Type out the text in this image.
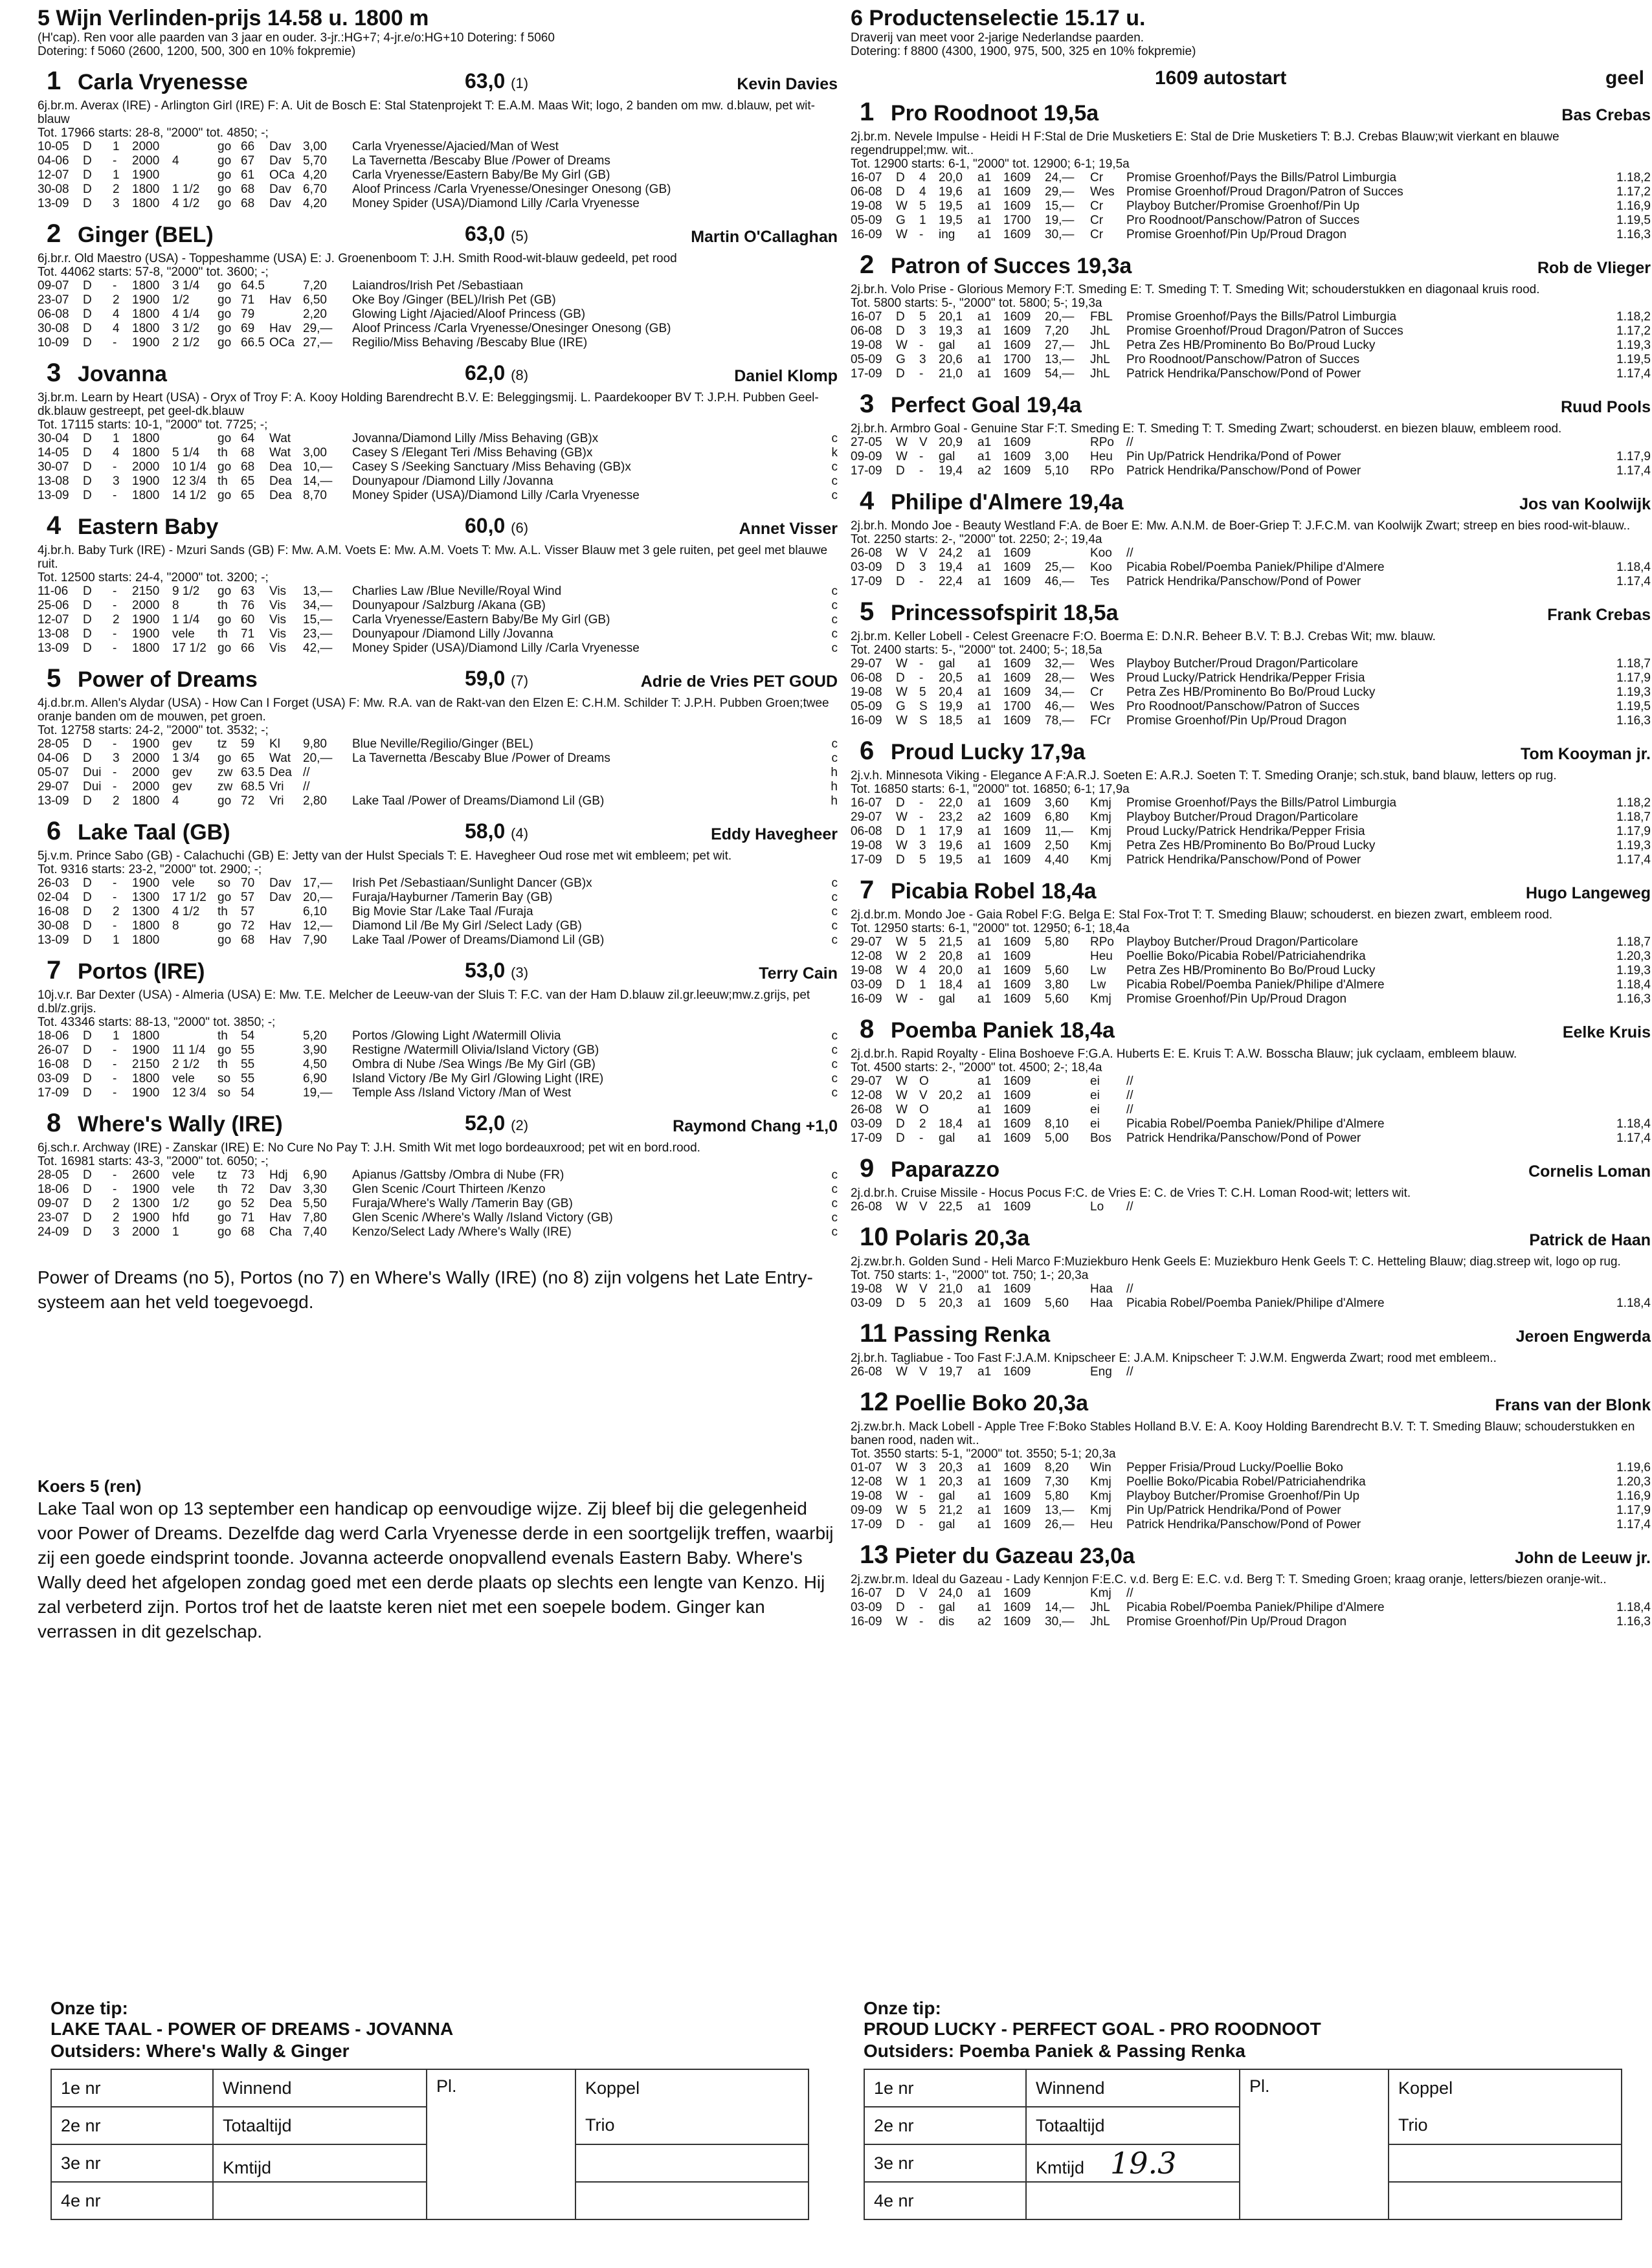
5 Wijn Verlinden-prijs 14.58 u. 1800 m
(H'cap). Ren voor alle paarden van 3 jaar en ouder. 3-jr.:HG+7; 4-jr.e/o:HG+10 Dotering: f 5060
Dotering: f 5060 (2600, 1200, 500, 300 en 10% fokpremie)
1 Carla Vryenesse	63,0 (1)	Kevin Davies
6j.br.m. Averax (IRE) - Arlington Girl (IRE) F: A. Uit de Bosch E: Stal Statenprojekt T: E.A.M. Maas Wit; logo, 2 banden om mw. d.blauw, pet wit-blauw
Tot. 17966 starts: 28-8, "2000" tot. 4850; -;
10-05	D	1	2000		go	66	Dav	3,00	Carla Vryenesse/Ajacied/Man of West	
04-06	D	-	2000	4	go	67	Dav	5,70	La Tavernetta /Bescaby Blue /Power of Dreams	
12-07	D	1	1900		go	61	OCa	4,20	Carla Vryenesse/Eastern Baby/Be My Girl (GB)	
30-08	D	2	1800	1 1/2	go	68	Dav	6,70	Aloof Princess /Carla Vryenesse/Onesinger Onesong (GB)	
13-09	D	3	1800	4 1/2	go	68	Dav	4,20	Money Spider (USA)/Diamond Lilly /Carla Vryenesse	
2 Ginger (BEL)	63,0 (5)	Martin O'Callaghan
6j.br.r. Old Maestro (USA) - Toppeshamme (USA) E: J. Groenenboom T: J.H. Smith Rood-wit-blauw gedeeld, pet rood
Tot. 44062 starts: 57-8, "2000" tot. 3600; -;
09-07	D	-	1800	3 1/4	go	64.5		7,20	Laiandros/Irish Pet /Sebastiaan	
23-07	D	2	1900	1/2	go	71	Hav	6,50	Oke Boy /Ginger (BEL)/Irish Pet (GB)	
06-08	D	4	1800	4 1/4	go	79		2,20	Glowing Light /Ajacied/Aloof Princess (GB)	
30-08	D	4	1800	3 1/2	go	69	Hav	29,—	Aloof Princess /Carla Vryenesse/Onesinger Onesong (GB)	
10-09	D	-	1900	2 1/2	go	66.5	OCa	27,—	Regilio/Miss Behaving /Bescaby Blue (IRE)	
3 Jovanna	62,0 (8)	Daniel Klomp
3j.br.m. Learn by Heart (USA) - Oryx of Troy F: A. Kooy Holding Barendrecht B.V. E: Beleggingsmij. L. Paardekooper BV T: J.P.H. Pubben Geel-dk.blauw gestreept, pet geel-dk.blauw
Tot. 17115 starts: 10-1, "2000" tot. 7725; -;
30-04	D	1	1800		go	64	Wat		Jovanna/Diamond Lilly /Miss Behaving (GB)x	c
14-05	D	4	1800	5 1/4	th	68	Wat	3,00	Casey S /Elegant Teri /Miss Behaving (GB)x	k
30-07	D	-	2000	10 1/4	go	68	Dea	10,—	Casey S /Seeking Sanctuary /Miss Behaving (GB)x	c
13-08	D	3	1900	12 3/4	th	65	Dea	14,—	Dounyapour /Diamond Lilly /Jovanna	c
13-09	D	-	1800	14 1/2	go	65	Dea	8,70	Money Spider (USA)/Diamond Lilly /Carla Vryenesse	c
4 Eastern Baby	60,0 (6)	Annet Visser
4j.br.h. Baby Turk (IRE) - Mzuri Sands (GB) F: Mw. A.M. Voets E: Mw. A.M. Voets T: Mw. A.L. Visser Blauw met 3 gele ruiten, pet geel met blauwe ruit.
Tot. 12500 starts: 24-4, "2000" tot. 3200; -;
11-06	D	-	2150	9 1/2	go	63	Vis	13,—	Charlies Law /Blue Neville/Royal Wind	c
25-06	D	-	2000	8	th	76	Vis	34,—	Dounyapour /Salzburg /Akana (GB)	c
12-07	D	2	1900	1 1/4	go	60	Vis	15,—	Carla Vryenesse/Eastern Baby/Be My Girl (GB)	c
13-08	D	-	1900	vele	th	71	Vis	23,—	Dounyapour /Diamond Lilly /Jovanna	c
13-09	D	-	1800	17 1/2	go	66	Vis	42,—	Money Spider (USA)/Diamond Lilly /Carla Vryenesse	c
5 Power of Dreams	59,0 (7)	Adrie de Vries PET GOUD
4j.d.br.m. Allen's Alydar (USA) - How Can I Forget (USA) F: Mw. R.A. van de Rakt-van den Elzen E: C.H.M. Schilder T: J.P.H. Pubben Groen;twee oranje banden om de mouwen, pet groen.
Tot. 12758 starts: 24-2, "2000" tot. 3532; -;
28-05	D	-	1900	gev	tz	59	Kl	9,80	Blue Neville/Regilio/Ginger (BEL)	c
04-06	D	3	2000	1 3/4	go	65	Wat	20,—	La Tavernetta /Bescaby Blue /Power of Dreams	c
05-07	Dui	-	2000	gev	zw	63.5	Dea	//		h
29-07	Dui	-	2000	gev	zw	68.5	Vri	//		h
13-09	D	2	1800	4	go	72	Vri	2,80	Lake Taal /Power of Dreams/Diamond Lil (GB)	h
6 Lake Taal (GB)	58,0 (4)	Eddy Havegheer
5j.v.m. Prince Sabo (GB) - Calachuchi (GB) E: Jetty van der Hulst Specials T: E. Havegheer Oud rose met wit embleem; pet wit.
Tot. 9316 starts: 23-2, "2000" tot. 2900; -;
26-03	D	-	1900	vele	so	70	Dav	17,—	Irish Pet /Sebastiaan/Sunlight Dancer (GB)x	c
02-04	D	-	1300	17 1/2	go	57	Dav	20,—	Furaja/Hayburner /Tamerin Bay (GB)	c
16-08	D	2	1300	4 1/2	th	57		6,10	Big Movie Star /Lake Taal /Furaja	c
30-08	D	-	1800	8	go	72	Hav	12,—	Diamond Lil /Be My Girl /Select Lady (GB)	c
13-09	D	1	1800		go	68	Hav	7,90	Lake Taal /Power of Dreams/Diamond Lil (GB)	c
7 Portos (IRE)	53,0 (3)	Terry Cain
10j.v.r. Bar Dexter (USA) - Almeria (USA) E: Mw. T.E. Melcher de Leeuw-van der Sluis T: F.C. van der Ham D.blauw zil.gr.leeuw;mw.z.grijs, pet d.bl/z.grijs.
Tot. 43346 starts: 88-13, "2000" tot. 3850; -;
18-06	D	1	1800		th	54		5,20	Portos /Glowing Light /Watermill Olivia	c
26-07	D	-	1900	11 1/4	go	55		3,90	Restigne /Watermill Olivia/Island Victory (GB)	c
16-08	D	-	2150	2 1/2	th	55		4,50	Ombra di Nube /Sea Wings /Be My Girl (GB)	c
03-09	D	-	1800	vele	so	55		6,90	Island Victory /Be My Girl /Glowing Light (IRE)	c
17-09	D	-	1900	12 3/4	so	54		19,—	Temple Ass /Island Victory /Man of West	c
8 Where's Wally (IRE)	52,0 (2)	Raymond Chang +1,0
6j.sch.r. Archway (IRE) - Zanskar (IRE) E: No Cure No Pay T: J.H. Smith Wit met logo bordeauxrood; pet wit en bord.rood.
Tot. 16981 starts: 43-3, "2000" tot. 6050; -;
28-05	D	-	2600	vele	tz	73	Hdj	6,90	Apianus /Gattsby /Ombra di Nube (FR)	c
18-06	D	-	1900	vele	th	72	Dav	3,30	Glen Scenic /Court Thirteen /Kenzo	c
09-07	D	2	1300	1/2	go	52	Dea	5,50	Furaja/Where's Wally /Tamerin Bay (GB)	c
23-07	D	2	1900	hfd	go	71	Hav	7,80	Glen Scenic /Where's Wally /Island Victory (GB)	c
24-09	D	3	2000	1	go	68	Cha	7,40	Kenzo/Select Lady /Where's Wally (IRE)	c
Power of Dreams (no 5), Portos (no 7) en Where's Wally (IRE) (no 8) zijn volgens het Late Entry-systeem aan het veld toegevoegd.
Koers 5 (ren)
Lake Taal won op 13 september een handicap op eenvoudige wijze. Zij bleef bij die gelegenheid voor Power of Dreams. Dezelfde dag werd Carla Vryenesse derde in een soortgelijk treffen, waarbij zij een goede eindsprint toonde. Jovanna acteerde onopvallend evenals Eastern Baby. Where's Wally deed het afgelopen zondag goed met een derde plaats op slechts een lengte van Kenzo. Hij zal verbeterd zijn. Portos trof het de laatste keren niet met een soepele bodem. Ginger kan verrassen in dit gezelschap.
Onze tip:
LAKE TAAL - POWER OF DREAMS - JOVANNA
Outsiders: Where's Wally & Ginger
1e nr	Winnend	Pl.	Koppel
2e nr	Totaaltijd		Trio
3e nr	Kmtijd		
4e nr			
6 Productenselectie 15.17 u.
Draverij van meet voor 2-jarige Nederlandse paarden.
Dotering: f 8800 (4300, 1900, 975, 500, 325 en 10% fokpremie)
1609 autostart	geel
1 Pro Roodnoot 19,5a	Bas Crebas
2j.br.m. Nevele Impulse - Heidi H F:Stal de Drie Musketiers E: Stal de Drie Musketiers T: B.J. Crebas Blauw;wit vierkant en blauwe regendruppel;mw. wit..
Tot. 12900 starts: 6-1, "2000" tot. 12900; 6-1; 19,5a
16-07	D	4	20,0	a1	1609	24,—	Cr	Promise Groenhof/Pays the Bills/Patrol Limburgia	1.18,2
06-08	D	4	19,6	a1	1609	29,—	Wes	Promise Groenhof/Proud Dragon/Patron of Succes	1.17,2
19-08	W	5	19,5	a1	1609	15,—	Cr	Playboy Butcher/Promise Groenhof/Pin Up	1.16,9
05-09	G	1	19,5	a1	1700	19,—	Cr	Pro Roodnoot/Panschow/Patron of Succes	1.19,5
16-09	W	-	ing	a1	1609	30,—	Cr	Promise Groenhof/Pin Up/Proud Dragon	1.16,3
2 Patron of Succes 19,3a	Rob de Vlieger
2j.br.h. Volo Prise - Glorious Memory F:T. Smeding E: T. Smeding T: T. Smeding Wit; schouderstukken en diagonaal kruis rood.
Tot. 5800 starts: 5-, "2000" tot. 5800; 5-; 19,3a
16-07	D	5	20,1	a1	1609	20,—	FBL	Promise Groenhof/Pays the Bills/Patrol Limburgia	1.18,2
06-08	D	3	19,3	a1	1609	7,20	JhL	Promise Groenhof/Proud Dragon/Patron of Succes	1.17,2
19-08	W	-	gal	a1	1609	27,—	JhL	Petra Zes HB/Prominento Bo Bo/Proud Lucky	1.19,3
05-09	G	3	20,6	a1	1700	13,—	JhL	Pro Roodnoot/Panschow/Patron of Succes	1.19,5
17-09	D	-	21,0	a1	1609	54,—	JhL	Patrick Hendrika/Panschow/Pond of Power	1.17,4
3 Perfect Goal 19,4a	Ruud Pools
2j.br.h. Armbro Goal - Genuine Star F:T. Smeding E: T. Smeding T: T. Smeding Zwart; schouderst. en biezen blauw, embleem rood.
27-05	W	V	20,9	a1	1609		RPo	//	
09-09	W	-	gal	a1	1609	3,00	Heu	Pin Up/Patrick Hendrika/Pond of Power	1.17,9
17-09	D	-	19,4	a2	1609	5,10	RPo	Patrick Hendrika/Panschow/Pond of Power	1.17,4
4 Philipe d'Almere 19,4a	Jos van Koolwijk
2j.br.h. Mondo Joe - Beauty Westland F:A. de Boer E: Mw. A.N.M. de Boer-Griep T: J.F.C.M. van Koolwijk Zwart; streep en bies rood-wit-blauw..
Tot. 2250 starts: 2-, "2000" tot. 2250; 2-; 19,4a
26-08	W	V	24,2	a1	1609		Koo	//	
03-09	D	3	19,4	a1	1609	25,—	Koo	Picabia Robel/Poemba Paniek/Philipe d'Almere	1.18,4
17-09	D	-	22,4	a1	1609	46,—	Tes	Patrick Hendrika/Panschow/Pond of Power	1.17,4
5 Princessofspirit 18,5a	Frank Crebas
2j.br.m. Keller Lobell - Celest Greenacre F:O. Boerma E: D.N.R. Beheer B.V. T: B.J. Crebas Wit; mw. blauw.
Tot. 2400 starts: 5-, "2000" tot. 2400; 5-; 18,5a
29-07	W	-	gal	a1	1609	32,—	Wes	Playboy Butcher/Proud Dragon/Particolare	1.18,7
06-08	D	-	20,5	a1	1609	28,—	Wes	Proud Lucky/Patrick Hendrika/Pepper Frisia	1.17,9
19-08	W	5	20,4	a1	1609	34,—	Cr	Petra Zes HB/Prominento Bo Bo/Proud Lucky	1.19,3
05-09	G	S	19,9	a1	1700	46,—	Wes	Pro Roodnoot/Panschow/Patron of Succes	1.19,5
16-09	W	S	18,5	a1	1609	78,—	FCr	Promise Groenhof/Pin Up/Proud Dragon	1.16,3
6 Proud Lucky 17,9a	Tom Kooyman jr.
2j.v.h. Minnesota Viking - Elegance A F:A.R.J. Soeten E: A.R.J. Soeten T: T. Smeding Oranje; sch.stuk, band blauw, letters op rug.
Tot. 16850 starts: 6-1, "2000" tot. 16850; 6-1; 17,9a
16-07	D	-	22,0	a1	1609	3,60	Kmj	Promise Groenhof/Pays the Bills/Patrol Limburgia	1.18,2
29-07	W	-	23,2	a2	1609	6,80	Kmj	Playboy Butcher/Proud Dragon/Particolare	1.18,7
06-08	D	1	17,9	a1	1609	11,—	Kmj	Proud Lucky/Patrick Hendrika/Pepper Frisia	1.17,9
19-08	W	3	19,6	a1	1609	2,50	Kmj	Petra Zes HB/Prominento Bo Bo/Proud Lucky	1.19,3
17-09	D	5	19,5	a1	1609	4,40	Kmj	Patrick Hendrika/Panschow/Pond of Power	1.17,4
7 Picabia Robel 18,4a	Hugo Langeweg
2j.d.br.m. Mondo Joe - Gaia Robel F:G. Belga E: Stal Fox-Trot T: T. Smeding Blauw; schouderst. en biezen zwart, embleem rood.
Tot. 12950 starts: 6-1, "2000" tot. 12950; 6-1; 18,4a
29-07	W	5	21,5	a1	1609	5,80	RPo	Playboy Butcher/Proud Dragon/Particolare	1.18,7
12-08	W	2	20,8	a1	1609		Heu	Poellie Boko/Picabia Robel/Patriciahendrika	1.20,3
19-08	W	4	20,0	a1	1609	5,60	Lw	Petra Zes HB/Prominento Bo Bo/Proud Lucky	1.19,3
03-09	D	1	18,4	a1	1609	3,80	Lw	Picabia Robel/Poemba Paniek/Philipe d'Almere	1.18,4
16-09	W	-	gal	a1	1609	5,60	Kmj	Promise Groenhof/Pin Up/Proud Dragon	1.16,3
8 Poemba Paniek 18,4a	Eelke Kruis
2j.d.br.h. Rapid Royalty - Elina Boshoeve F:G.A. Huberts E: E. Kruis T: A.W. Bosscha Blauw; juk cyclaam, embleem blauw.
Tot. 4500 starts: 2-, "2000" tot. 4500; 2-; 18,4a
29-07	W	O		a1	1609		ei	//	
12-08	W	V	20,2	a1	1609		ei	//	
26-08	W	O		a1	1609		ei	//	
03-09	D	2	18,4	a1	1609	8,10	ei	Picabia Robel/Poemba Paniek/Philipe d'Almere	1.18,4
17-09	D	-	gal	a1	1609	5,00	Bos	Patrick Hendrika/Panschow/Pond of Power	1.17,4
9 Paparazzo	Cornelis Loman
2j.d.br.h. Cruise Missile - Hocus Pocus F:C. de Vries E: C. de Vries T: C.H. Loman Rood-wit; letters wit.
26-08	W	V	22,5	a1	1609		Lo	//	
10 Polaris 20,3a	Patrick de Haan
2j.zw.br.h. Golden Sund - Heli Marco F:Muziekburo Henk Geels E: Muziekburo Henk Geels T: C. Hetteling Blauw; diag.streep wit, logo op rug.
Tot. 750 starts: 1-, "2000" tot. 750; 1-; 20,3a
19-08	W	V	21,0	a1	1609		Haa	//	
03-09	D	5	20,3	a1	1609	5,60	Haa	Picabia Robel/Poemba Paniek/Philipe d'Almere	1.18,4
11 Passing Renka	Jeroen Engwerda
2j.br.h. Tagliabue - Too Fast F:J.A.M. Knipscheer E: J.A.M. Knipscheer T: J.W.M. Engwerda Zwart; rood met embleem..
26-08	W	V	19,7	a1	1609		Eng	//	
12 Poellie Boko 20,3a	Frans van der Blonk
2j.zw.br.h. Mack Lobell - Apple Tree F:Boko Stables Holland B.V. E: A. Kooy Holding Barendrecht B.V. T: T. Smeding Blauw; schouderstukken en banen rood, naden wit..
Tot. 3550 starts: 5-1, "2000" tot. 3550; 5-1; 20,3a
01-07	W	3	20,3	a1	1609	8,20	Win	Pepper Frisia/Proud Lucky/Poellie Boko	1.19,6
12-08	W	1	20,3	a1	1609	7,30	Kmj	Poellie Boko/Picabia Robel/Patriciahendrika	1.20,3
19-08	W	-	gal	a1	1609	5,80	Kmj	Playboy Butcher/Promise Groenhof/Pin Up	1.16,9
09-09	W	5	21,2	a1	1609	13,—	Kmj	Pin Up/Patrick Hendrika/Pond of Power	1.17,9
17-09	D	-	gal	a1	1609	26,—	Heu	Patrick Hendrika/Panschow/Pond of Power	1.17,4
13 Pieter du Gazeau 23,0a	John de Leeuw jr.
2j.zw.br.m. Ideal du Gazeau - Lady Kennjon F:E.C. v.d. Berg E: E.C. v.d. Berg T: T. Smeding Groen; kraag oranje, letters/biezen oranje-wit..
16-07	D	V	24,0	a1	1609		Kmj	//	
03-09	D	-	gal	a1	1609	14,—	JhL	Picabia Robel/Poemba Paniek/Philipe d'Almere	1.18,4
16-09	W	-	dis	a2	1609	30,—	JhL	Promise Groenhof/Pin Up/Proud Dragon	1.16,3
Onze tip:
PROUD LUCKY - PERFECT GOAL - PRO ROODNOOT
Outsiders: Poemba Paniek & Passing Renka
1e nr	Winnend	Pl.	Koppel
2e nr	Totaaltijd		Trio
3e nr	Kmtijd 19.3		
4e nr			
